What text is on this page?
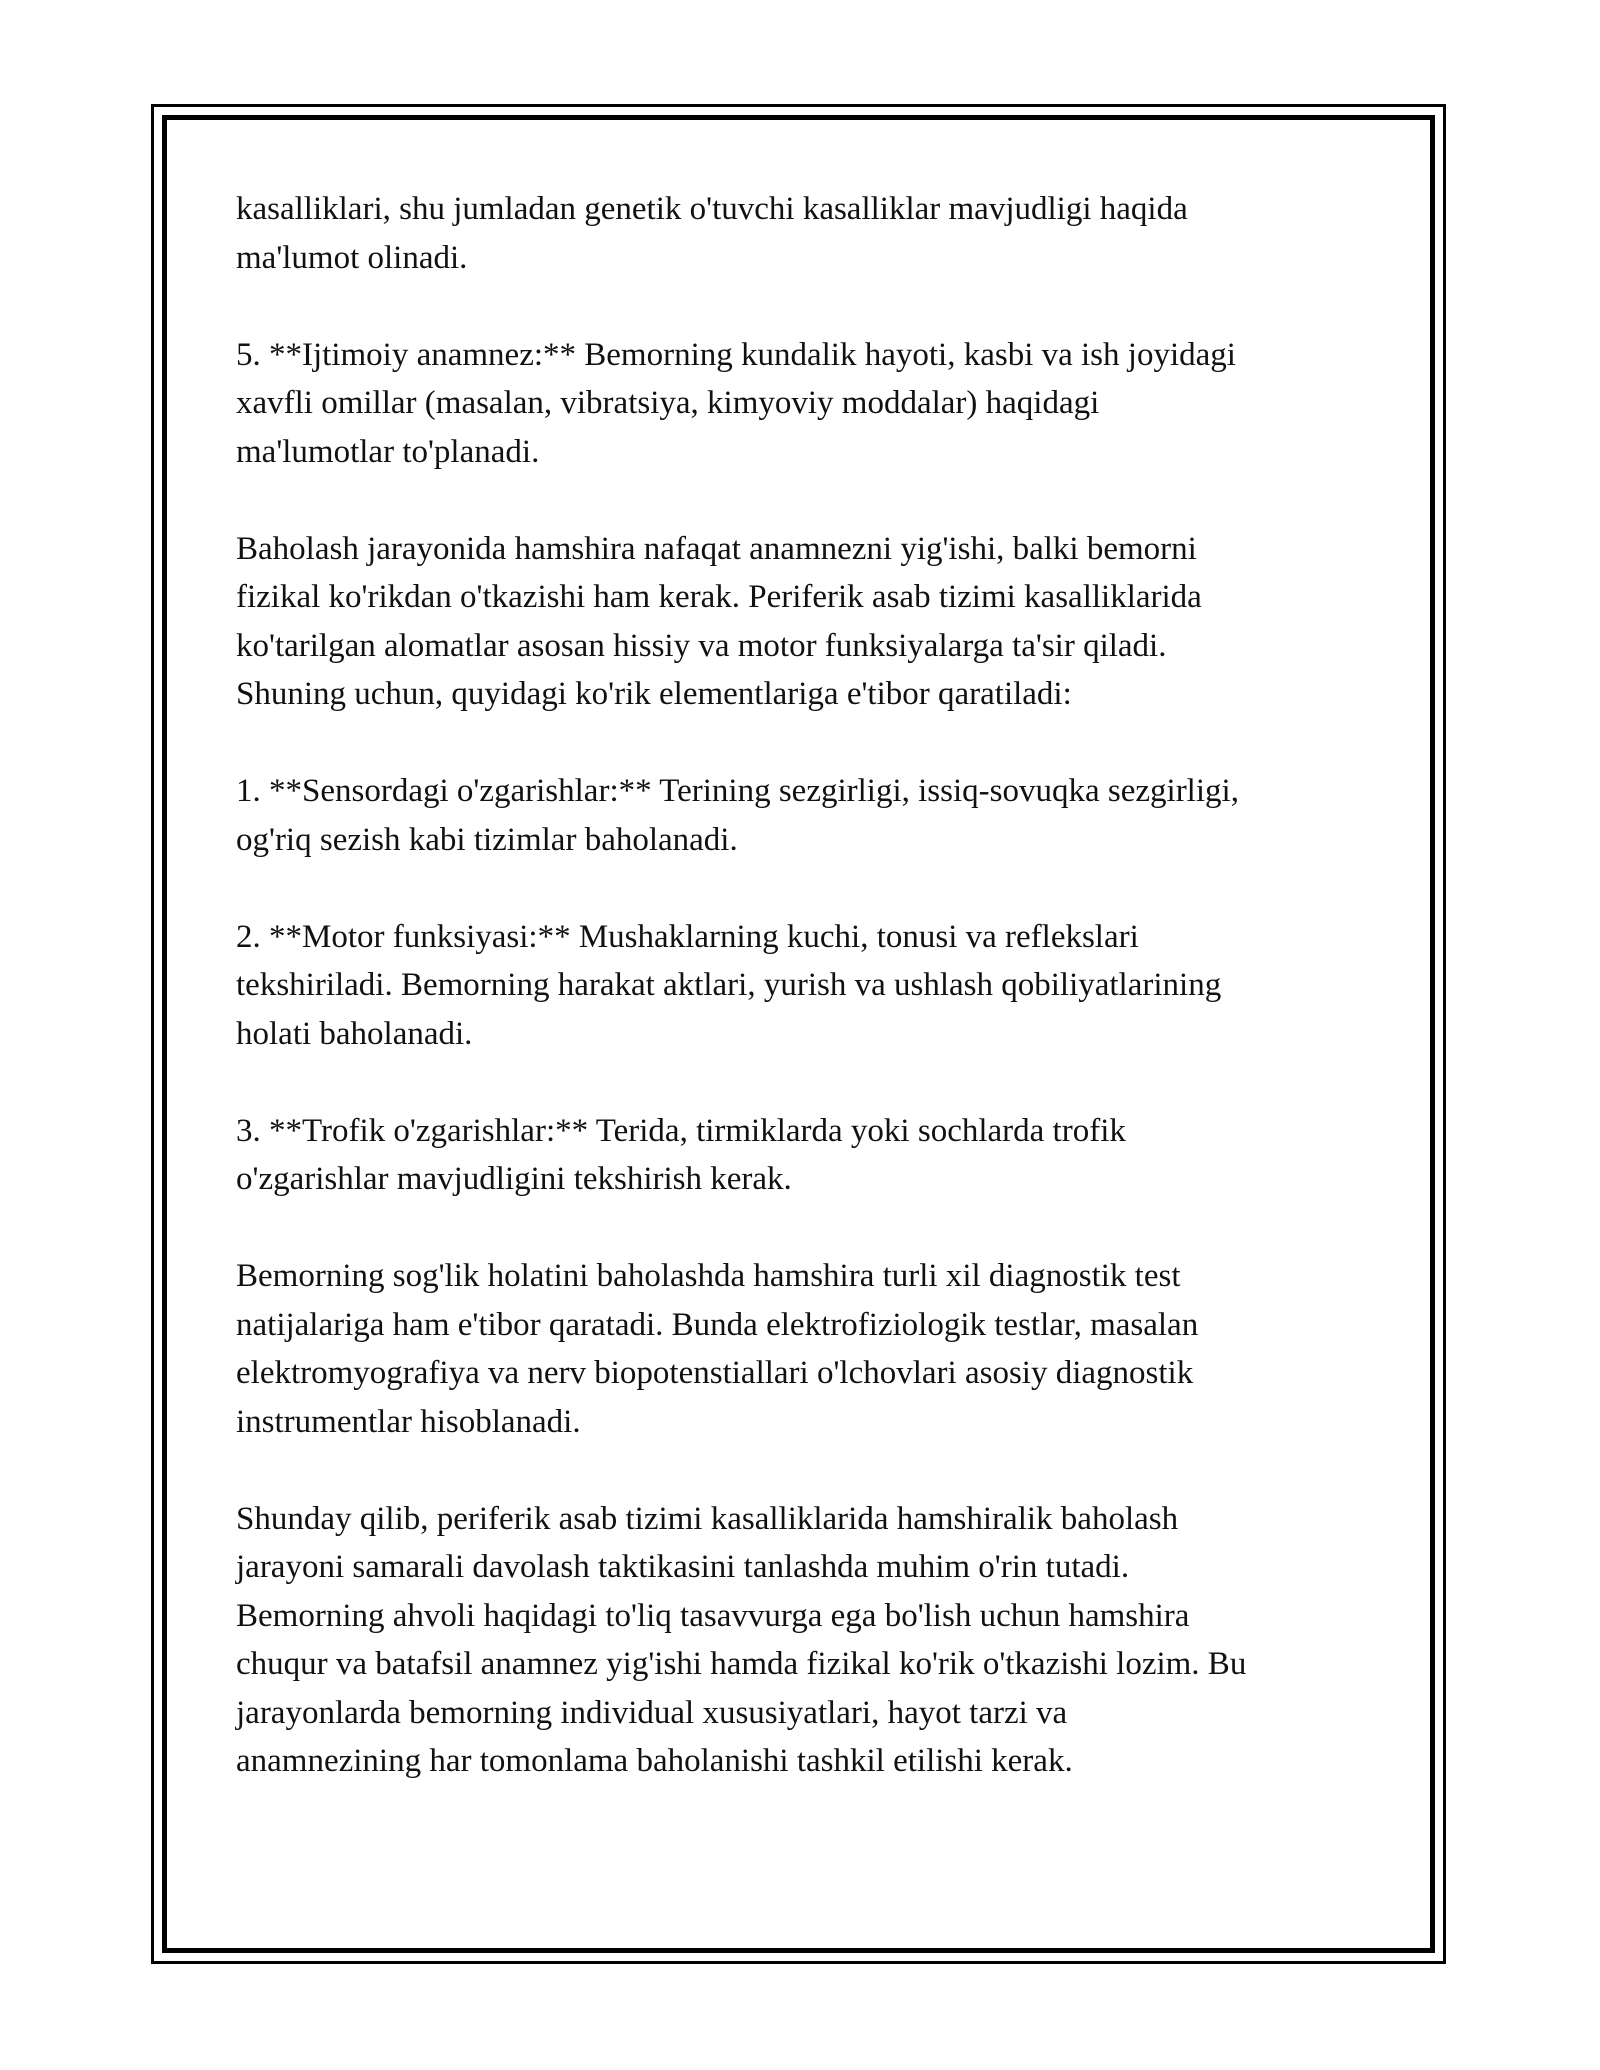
kasalliklari, shu jumladan genetik o'tuvchi kasalliklar mavjudligi haqida
ma'lumot olinadi.

5. **Ijtimoiy anamnez:** Bemorning kundalik hayoti, kasbi va ish joyidagi
xavfli omillar (masalan, vibratsiya, kimyoviy moddalar) haqidagi
ma'lumotlar to'planadi.

Baholash jarayonida hamshira nafaqat anamnezni yig'ishi, balki bemorni
fizikal ko'rikdan o'tkazishi ham kerak. Periferik asab tizimi kasalliklarida
ko'tarilgan alomatlar asosan hissiy va motor funksiyalarga ta'sir qiladi.
Shuning uchun, quyidagi ko'rik elementlariga e'tibor qaratiladi:

1. **Sensordagi o'zgarishlar:** Terining sezgirligi, issiq-sovuqka sezgirligi,
og'riq sezish kabi tizimlar baholanadi.

2. **Motor funksiyasi:** Mushaklarning kuchi, tonusi va reflekslari
tekshiriladi. Bemorning harakat aktlari, yurish va ushlash qobiliyatlarining
holati baholanadi.

3. **Trofik o'zgarishlar:** Terida, tirmiklarda yoki sochlarda trofik
o'zgarishlar mavjudligini tekshirish kerak.

Bemorning sog'lik holatini baholashda hamshira turli xil diagnostik test
natijalariga ham e'tibor qaratadi. Bunda elektrofiziologik testlar, masalan
elektromyografiya va nerv biopotenstiallari o'lchovlari asosiy diagnostik
instrumentlar hisoblanadi.

Shunday qilib, periferik asab tizimi kasalliklarida hamshiralik baholash
jarayoni samarali davolash taktikasini tanlashda muhim o'rin tutadi.
Bemorning ahvoli haqidagi to'liq tasavvurga ega bo'lish uchun hamshira
chuqur va batafsil anamnez yig'ishi hamda fizikal ko'rik o'tkazishi lozim. Bu
jarayonlarda bemorning individual xususiyatlari, hayot tarzi va
anamnezining har tomonlama baholanishi tashkil etilishi kerak.
